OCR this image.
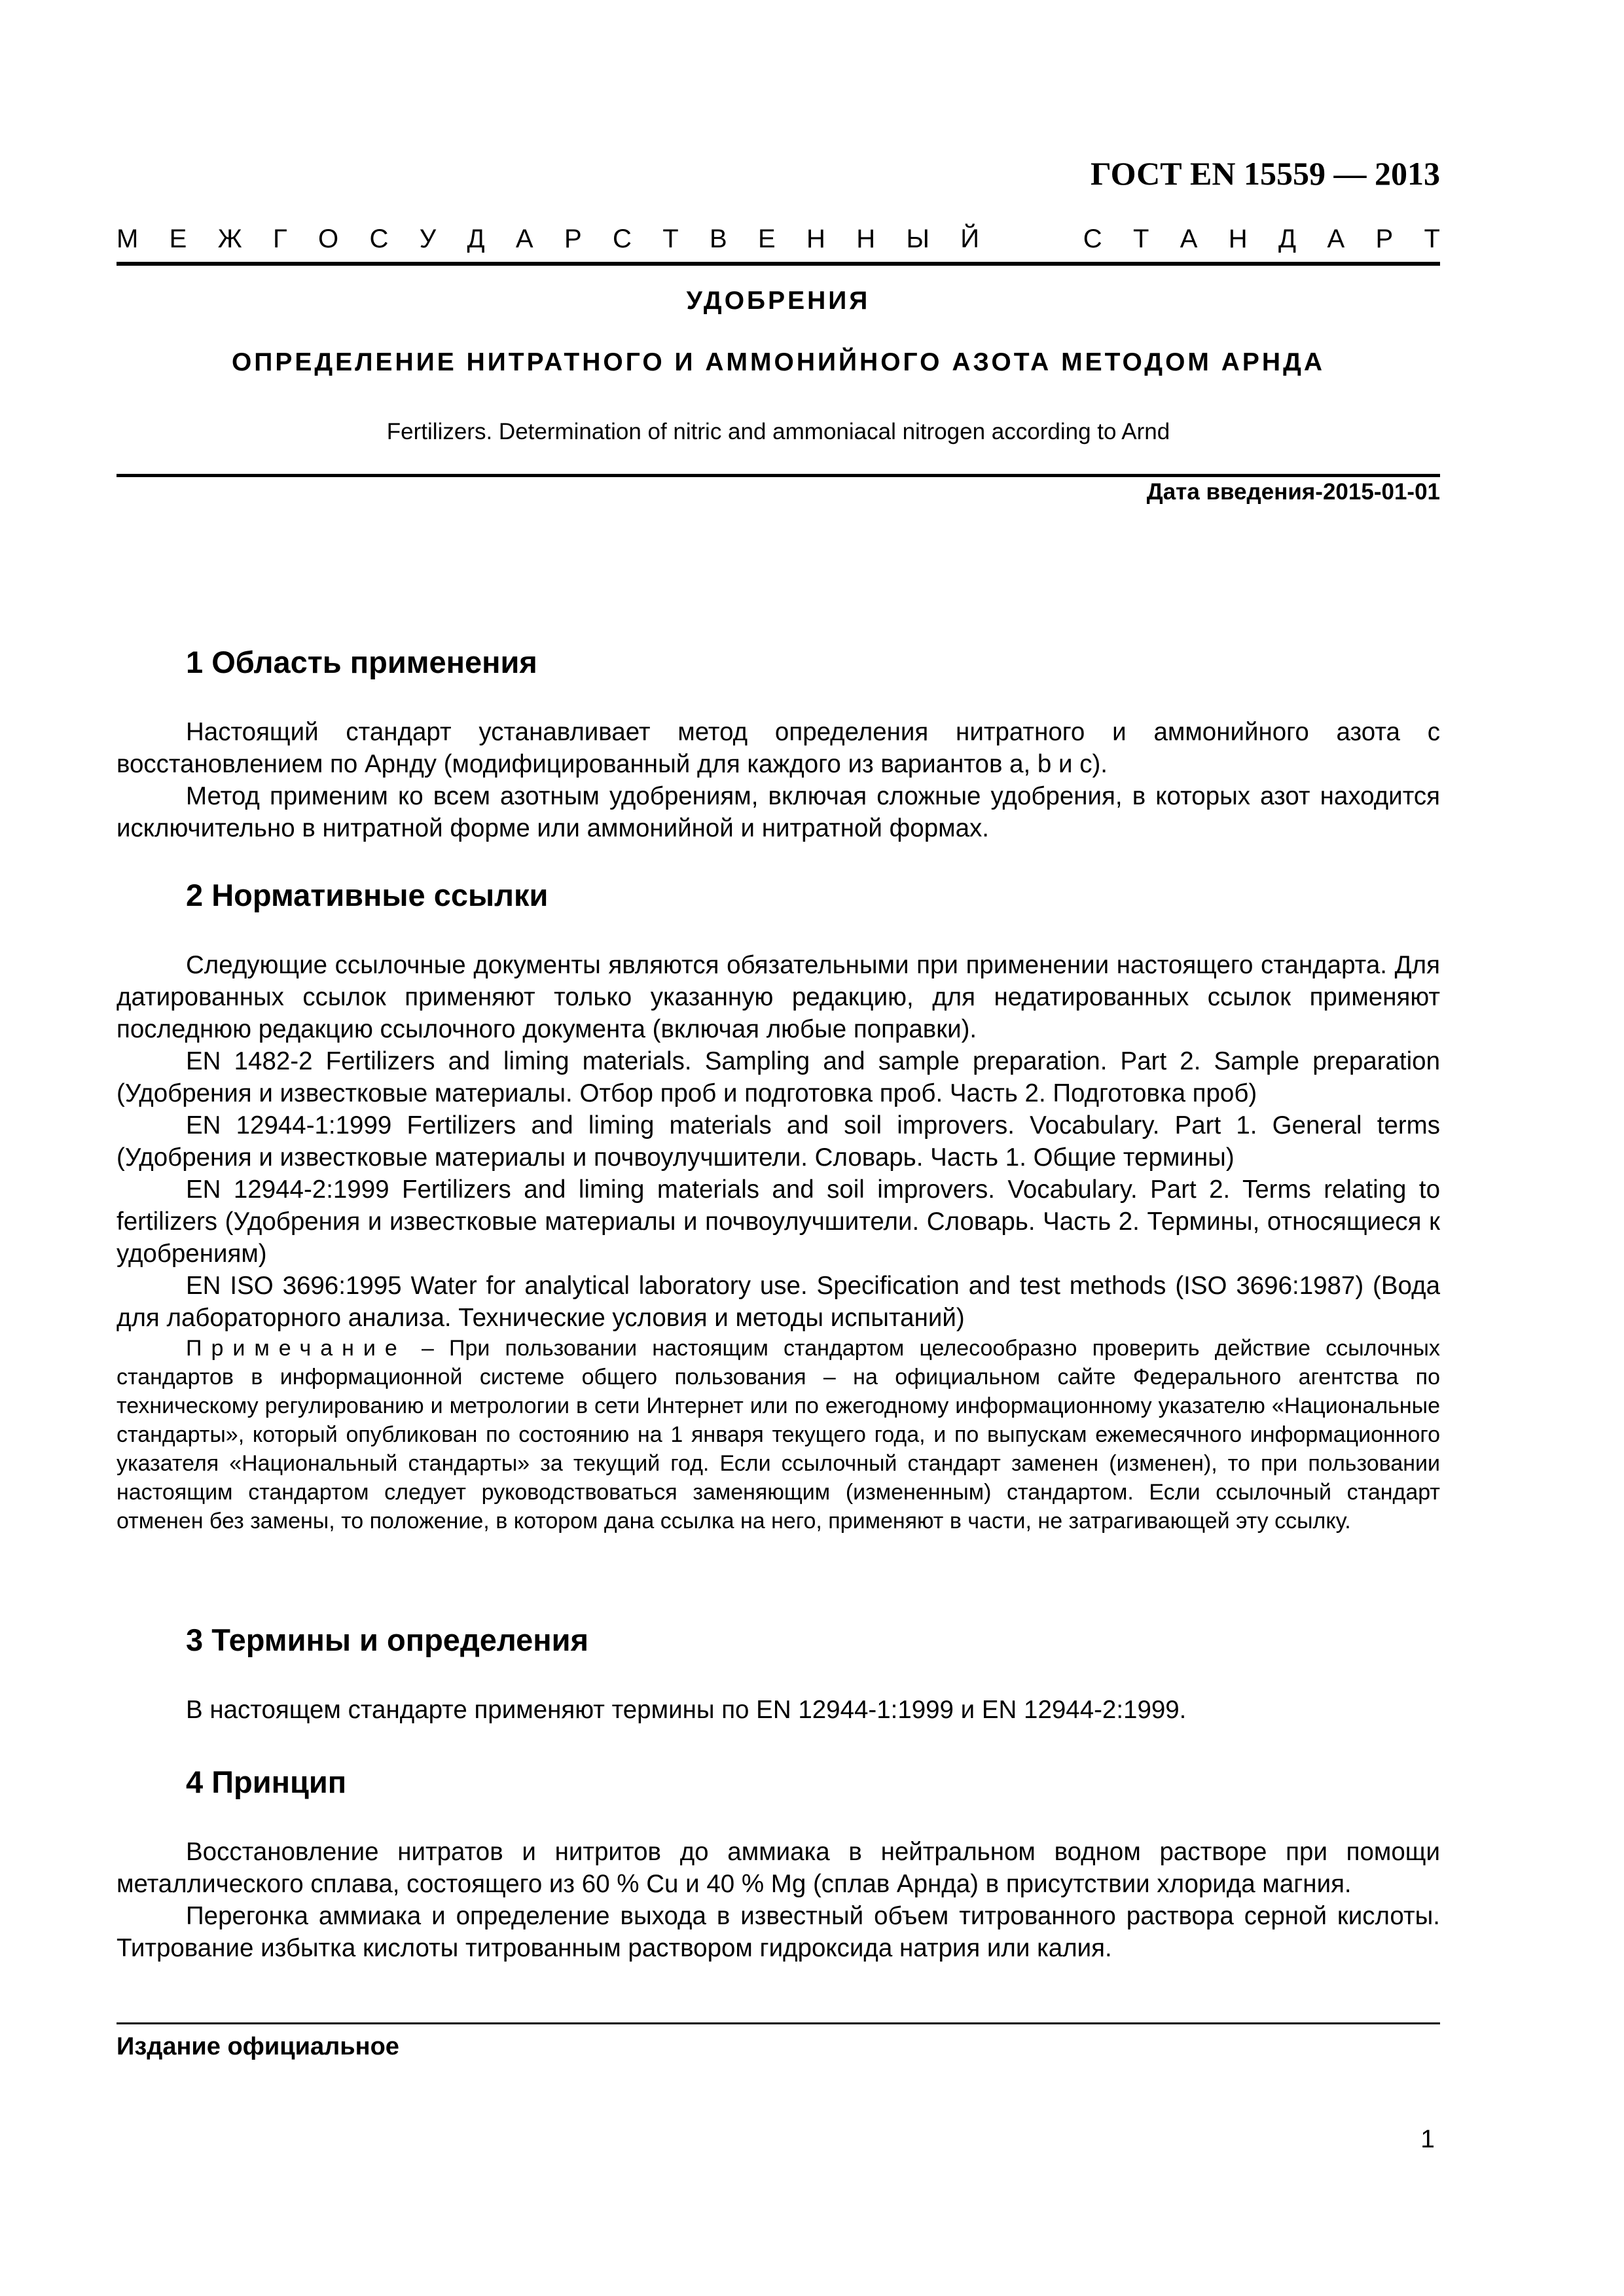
ГОСТ EN 15559 — 2013
М Е Ж Г О С У Д А Р С Т В Е Н Н Ы Й	С Т А Н Д А Р Т
УДОБРЕНИЯ
ОПРЕДЕЛЕНИЕ НИТРАТНОГО И АММОНИЙНОГО АЗОТА МЕТОДОМ АРНДА
Fertilizers. Determination of nitric and ammoniacal nitrogen according to Arnd
Дата введения-2015-01-01
1 Область применения

Настоящий стандарт устанавливает метод определения нитратного и аммонийного азота с восстановлением по Арнду (модифицированный для каждого из вариантов a, b и c).

Метод применим ко всем азотным удобрениям, включая сложные удобрения, в которых азот находится исключительно в нитратной форме или аммонийной и нитратной формах.

2 Нормативные ссылки

Следующие ссылочные документы являются обязательными при применении настоящего стандарта. Для датированных ссылок применяют только указанную редакцию, для недатированных ссылок применяют последнюю редакцию ссылочного документа (включая любые поправки).

EN 1482-2 Fertilizers and liming materials. Sampling and sample preparation. Part 2. Sample preparation (Удобрения и известковые материалы. Отбор проб и подготовка проб. Часть 2. Подготовка проб)

EN 12944-1:1999 Fertilizers and liming materials and soil improvers. Vocabulary. Part 1. General terms (Удобрения и известковые материалы и почвоулучшители. Словарь. Часть 1. Общие термины)

EN 12944-2:1999 Fertilizers and liming materials and soil improvers. Vocabulary. Part 2. Terms relating to fertilizers (Удобрения и известковые материалы и почвоулучшители. Словарь. Часть 2. Термины, относящиеся к удобрениям)

EN ISO 3696:1995 Water for analytical laboratory use. Specification and test methods (ISO 3696:1987) (Вода для лабораторного анализа. Технические условия и методы испытаний)

Примечание – При пользовании настоящим стандартом целесообразно проверить действие ссылочных стандартов в информационной системе общего пользования – на официальном сайте Федерального агентства по техническому регулированию и метрологии в сети Интернет или по ежегодному информационному указателю «Национальные стандарты», который опубликован по состоянию на 1 января текущего года, и по выпускам ежемесячного информационного указателя «Национальный стандарты» за текущий год. Если ссылочный стандарт заменен (изменен), то при пользовании настоящим стандартом следует руководствоваться заменяющим (измененным) стандартом. Если ссылочный стандарт отменен без замены, то положение, в котором дана ссылка на него, применяют в части, не затрагивающей эту ссылку.

3 Термины и определения

В настоящем стандарте применяют термины по EN 12944-1:1999 и EN 12944-2:1999.

4 Принцип

Восстановление нитратов и нитритов до аммиака в нейтральном водном растворе при помощи металлического сплава, состоящего из 60 % Cu и 40 % Mg (сплав Арнда) в присутствии хлорида магния.

Перегонка аммиака и определение выхода в известный объем титрованного раствора серной кислоты. Титрование избытка кислоты титрованным раствором гидроксида натрия или калия.

Издание официальное
1
